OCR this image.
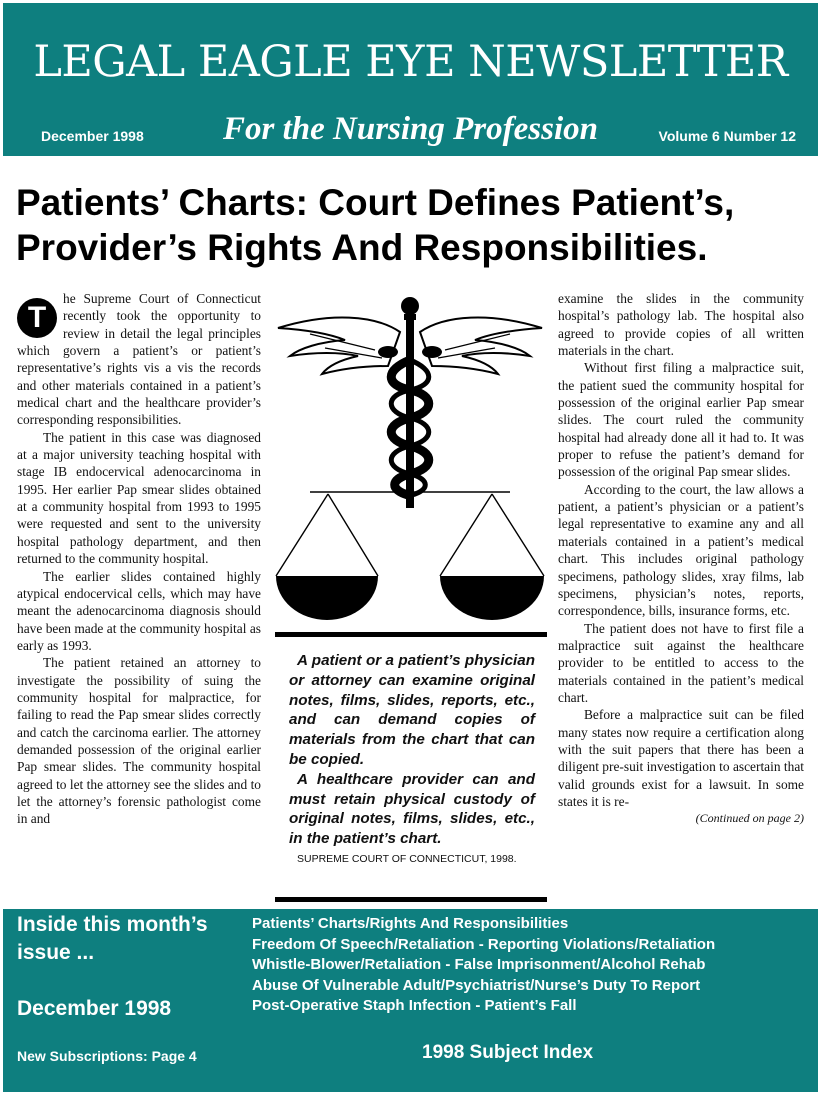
LEGAL EAGLE EYE NEWSLETTER
December 1998	For the Nursing Profession	Volume 6 Number 12
Patients’ Charts: Court Defines Patient’s, Provider’s Rights And Responsibilities.
T

he Supreme Court of Connecticut recently took the opportunity to review in detail the legal principles which govern a patient’s or patient’s representative’s rights vis a vis the records and other materials contained in a patient’s medical chart and the healthcare provider’s corresponding responsibilities.

The patient in this case was diagnosed at a major university teaching hospital with stage IB endocervical adenocarcinoma in 1995. Her earlier Pap smear slides obtained at a community hospital from 1993 to 1995 were requested and sent to the university hospital pathology department, and then returned to the community hospital.

The earlier slides contained highly atypical endocervical cells, which may have meant the adenocarcinoma diagnosis should have been made at the community hospital as early as 1993.

The patient retained an attorney to investigate the possibility of suing the community hospital for malpractice, for failing to read the Pap smear slides correctly and catch the carcinoma earlier. The attorney demanded possession of the original earlier Pap smear slides. The community hospital agreed to let the attorney see the slides and to let the attorney’s forensic pathologist come in and

A patient or a patient’s physician or attorney can examine original notes, films, slides, reports, etc., and can demand copies of materials from the chart that can be copied.

A healthcare provider can and must retain physical custody of original notes, films, slides, etc., in the patient’s chart.

SUPREME COURT OF CONNECTICUT, 1998.

examine the slides in the community hospital’s pathology lab. The hospital also agreed to provide copies of all written materials in the chart.

Without first filing a malpractice suit, the patient sued the community hospital for possession of the original earlier Pap smear slides. The court ruled the community hospital had already done all it had to. It was proper to refuse the patient’s demand for possession of the original Pap smear slides.

According to the court, the law allows a patient, a patient’s physician or a patient’s legal representative to examine any and all materials contained in a patient’s medical chart. This includes original pathology specimens, pathology slides, xray films, lab specimens, physician’s notes, reports, correspondence, bills, insurance forms, etc.

The patient does not have to first file a malpractice suit against the healthcare provider to be entitled to access to the materials contained in the patient’s medical chart.

Before a malpractice suit can be filed many states now require a certification along with the suit papers that there has been a diligent pre-suit investigation to ascertain that valid grounds exist for a lawsuit. In some states it is re-

(Continued on page 2)

Inside this month’s issue ...
December 1998
New Subscriptions: Page 4	1998 Subject Index
Patients’ Charts/Rights And Responsibilities
Freedom Of Speech/Retaliation - Reporting Violations/Retaliation
Whistle-Blower/Retaliation - False Imprisonment/Alcohol Rehab
Abuse Of Vulnerable Adult/Psychiatrist/Nurse’s Duty To Report
Post-Operative Staph Infection - Patient’s Fall
